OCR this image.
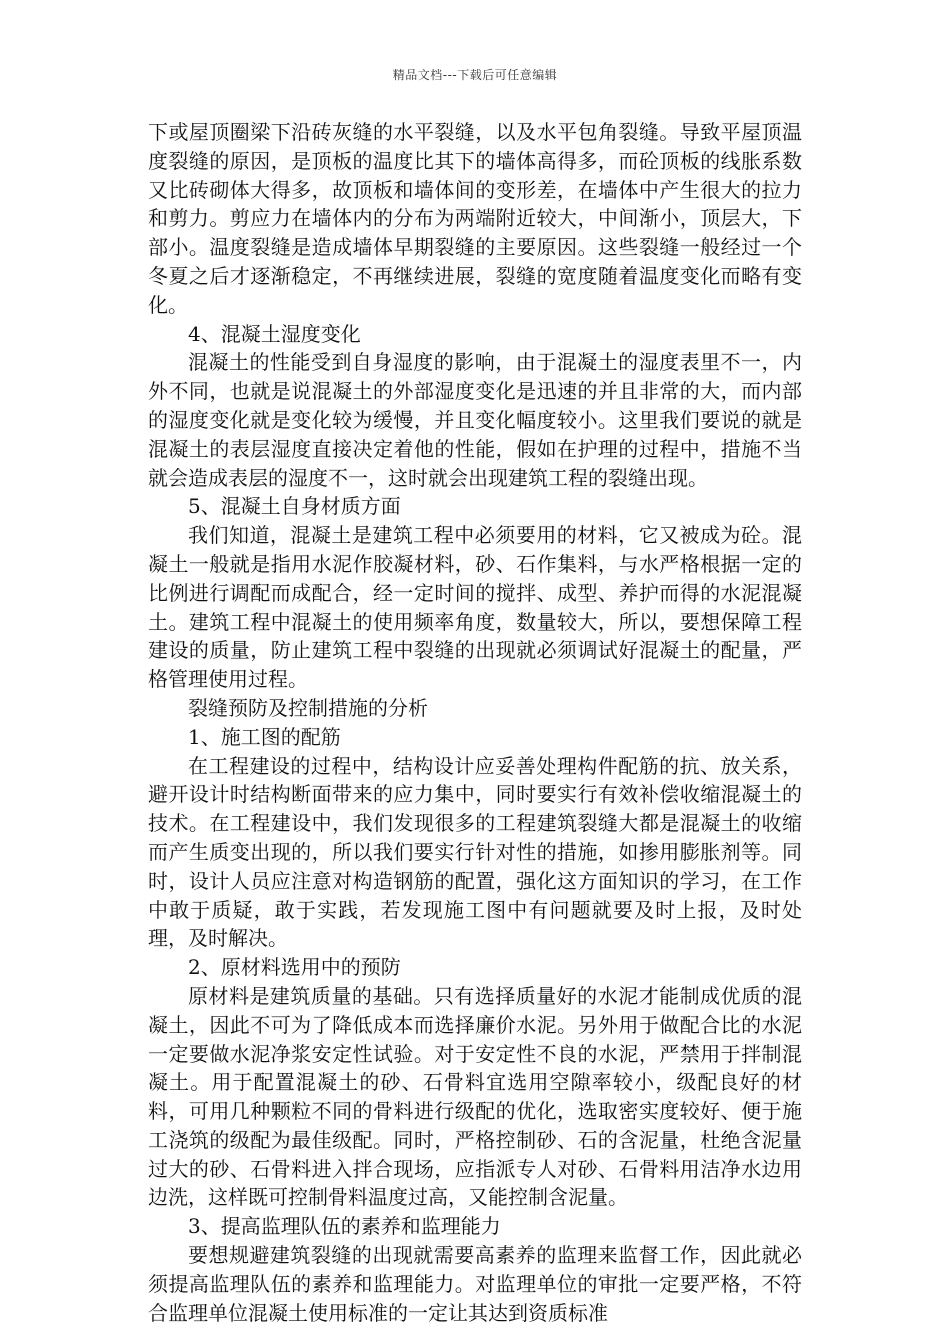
精品文档---下载后可任意编辑

下或屋顶圈梁下沿砖灰缝的水平裂缝，以及水平包角裂缝。导致平屋顶温度裂缝的原因，是顶板的温度比其下的墙体高得多，而砼顶板的线胀系数又比砖砌体大得多，故顶板和墙体间的变形差，在墙体中产生很大的拉力和剪力。剪应力在墙体内的分布为两端附近较大，中间渐小，顶层大，下部小。温度裂缝是造成墙体早期裂缝的主要原因。这些裂缝一般经过一个冬夏之后才逐渐稳定，不再继续进展，裂缝的宽度随着温度变化而略有变化。

4、混凝土湿度变化

混凝土的性能受到自身湿度的影响，由于混凝土的湿度表里不一，内外不同，也就是说混凝土的外部湿度变化是迅速的并且非常的大，而内部的湿度变化就是变化较为缓慢，并且变化幅度较小。这里我们要说的就是混凝土的表层湿度直接决定着他的性能，假如在护理的过程中，措施不当就会造成表层的湿度不一，这时就会出现建筑工程的裂缝出现。

5、混凝土自身材质方面

我们知道，混凝土是建筑工程中必须要用的材料，它又被成为砼。混凝土一般就是指用水泥作胶凝材料，砂、石作集料，与水严格根据一定的比例进行调配而成配合，经一定时间的搅拌、成型、养护而得的水泥混凝土。建筑工程中混凝土的使用频率角度，数量较大，所以，要想保障工程建设的质量，防止建筑工程中裂缝的出现就必须调试好混凝土的配量，严格管理使用过程。

裂缝预防及控制措施的分析

1、施工图的配筋

在工程建设的过程中，结构设计应妥善处理构件配筋的抗、放关系，避开设计时结构断面带来的应力集中，同时要实行有效补偿收缩混凝土的技术。在工程建设中，我们发现很多的工程建筑裂缝大都是混凝土的收缩而产生质变出现的，所以我们要实行针对性的措施，如掺用膨胀剂等。同时，设计人员应注意对构造钢筋的配置，强化这方面知识的学习，在工作中敢于质疑，敢于实践，若发现施工图中有问题就要及时上报，及时处理，及时解决。

2、原材料选用中的预防

原材料是建筑质量的基础。只有选择质量好的水泥才能制成优质的混凝土，因此不可为了降低成本而选择廉价水泥。另外用于做配合比的水泥一定要做水泥净浆安定性试验。对于安定性不良的水泥，严禁用于拌制混凝土。用于配置混凝土的砂、石骨料宜选用空隙率较小，级配良好的材料，可用几种颗粒不同的骨料进行级配的优化，选取密实度较好、便于施工浇筑的级配为最佳级配。同时，严格控制砂、石的含泥量，杜绝含泥量过大的砂、石骨料进入拌合现场，应指派专人对砂、石骨料用洁净水边用边洗，这样既可控制骨料温度过高，又能控制含泥量。

3、提高监理队伍的素养和监理能力

要想规避建筑裂缝的出现就需要高素养的监理来监督工作，因此就必须提高监理队伍的素养和监理能力。对监理单位的审批一定要严格，不符合监理单位混凝土使用标准的一定让其达到资质标准
